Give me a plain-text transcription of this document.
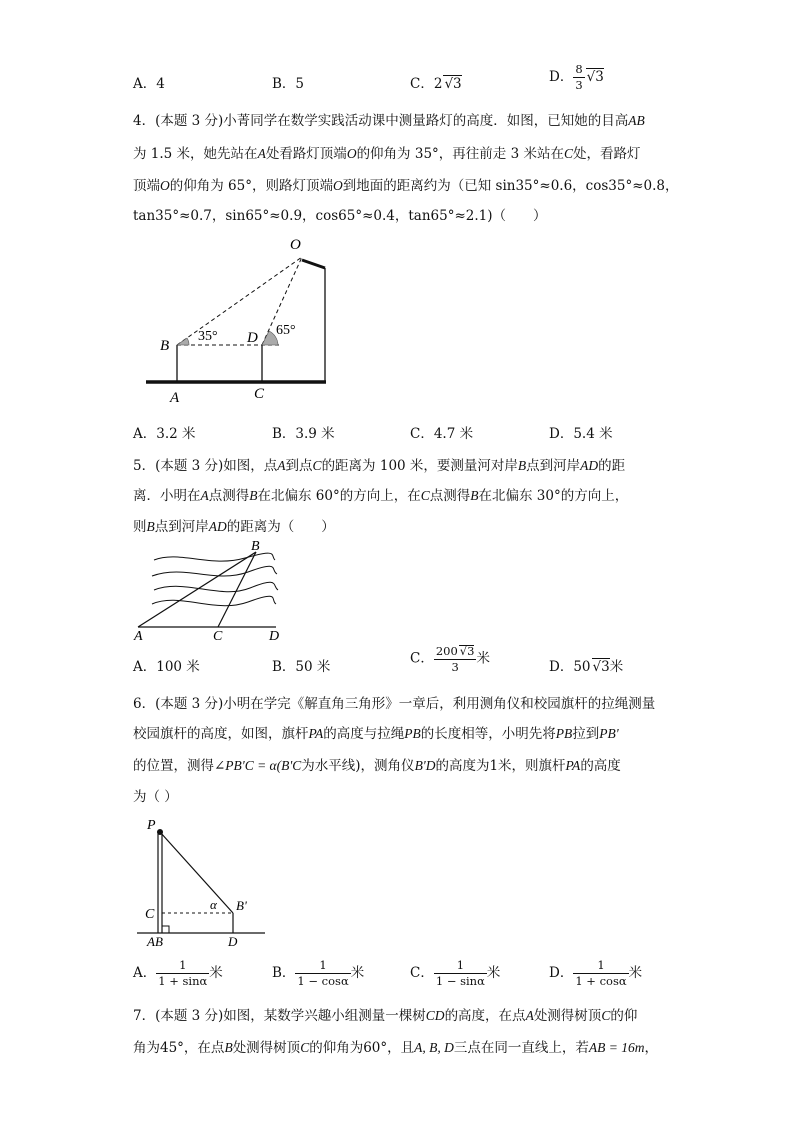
A．4	B．5	C．2 √3	D． $\frac{8}{3} √3$
4．(本题 3 分)小菁同学在数学实践活动课中测量路灯的高度．如图，已知她的目高AB
为 1.5 米，她先站在A处看路灯顶端O的仰角为 35°，再往前走 3 米站在C处，看路灯
顶端O的仰角为 65°，则路灯顶端O到地面的距离约为（已知 sin35°≈0.6，cos35°≈0.8，
tan35°≈0.7，sin65°≈0.9，cos65°≈0.4，tan65°≈2.1)（　　）
O
B	D
A	C
35°	65°
A．3.2 米	B．3.9 米	C．4.7 米	D．5.4 米
5．(本题 3 分)如图，点A到点C的距离为 100 米，要测量河对岸B点到河岸AD的距
离．小明在A点测得B在北偏东 60°的方向上，在C点测得B在北偏东 30°的方向上，
则B点到河岸AD的距离为（　　）
B
A	C	D
A．100 米	B．50 米
C． $\frac{200 √3}{3}$ 米
D．50 √3米
6．(本题 3 分)小明在学完《解直角三角形》一章后，利用测角仪和校园旗杆的拉绳测量
校园旗杆的高度，如图，旗杆PA的高度与拉绳PB的长度相等，小明先将PB拉到PB'
的位置，测得∠PB'C = α(B'C为水平线)，测角仪B'D的高度为1米，则旗杆PA的高度
为（ ）
P
C
α B'
AB	D
A． $\frac{1}{1 + \sin\alpha}$ 米	B． $\frac{1}{1 - \cos\alpha}$ 米	C． $\frac{1}{1 - \sin\alpha}$ 米	D． $\frac{1}{1 + \cos\alpha}$ 米
7．(本题 3 分)如图，某数学兴趣小组测量一棵树CD的高度，在点A处测得树顶C的仰
角为45°，在点B处测得树顶C的仰角为60°，且A, B, D三点在同一直线上，若AB = 16m，
